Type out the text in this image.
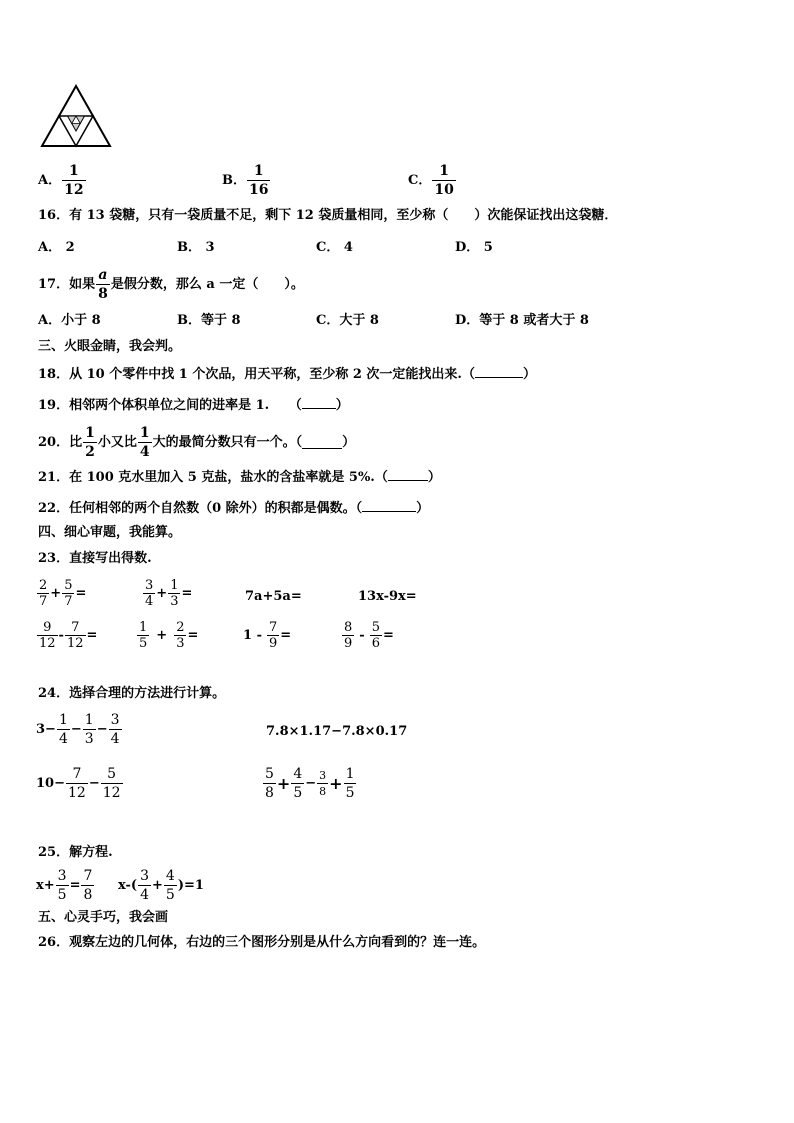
A． $\frac{1}{12}$	B． $\frac{1}{16}$	C． $\frac{1}{10}$
16．有 13 袋糖，只有一袋质量不足，剩下 12 袋质量相同，至少称（　　）次能保证找出这袋糖．
A． 2	B． 3	C． 4	D． 5
17．如果 $\frac{a}{8}$ 是假分数，那么 a 一定（　　）。
A．小于 8	B．等于 8	C．大于 8	D．等于 8 或者大于 8
三、火眼金睛，我会判。
18．从 10 个零件中找 1 个次品，用天平称，至少称 2 次一定能找出来.（	）
19．相邻两个体积单位之间的进率是 1.　　（	）
20．比 $\frac{1}{2}$ 小又比 $\frac{1}{4}$ 大的最简分数只有一个。（	）
21．在 100 克水里加入 5 克盐，盐水的含盐率就是 5%.（	）
22．任何相邻的两个自然数（0 除外）的积都是偶数。（	）
四、细心审题，我能算。
23．直接写出得数.
$\frac{2}{7} + \frac{5}{7}$ =	$\frac{3}{4} + \frac{1}{3}$ =	7a+5a=	13x-9x=
$\frac{9}{12} - \frac{7}{12}$ =	$\frac{1}{5} + \frac{2}{3}$ =	$1 - \frac{7}{9}$ =	$\frac{8}{9} - \frac{5}{6}$ =
24．选择合理的方法进行计算。
$3- \frac{1}{4} - \frac{1}{3} - \frac{3}{4}$	7.8×1.17−7.8×0.17
$10- \frac{7}{12} - \frac{5}{12}$	$\frac{5}{8} + \frac{4}{5} - \frac{3}{8} + \frac{1}{5}$
25．解方程.
$x+ \frac{3}{5} = \frac{7}{8} x-( \frac{3}{4} + \frac{4}{5} )=1$
五、心灵手巧，我会画
26．观察左边的几何体，右边的三个图形分别是从什么方向看到的？连一连。
